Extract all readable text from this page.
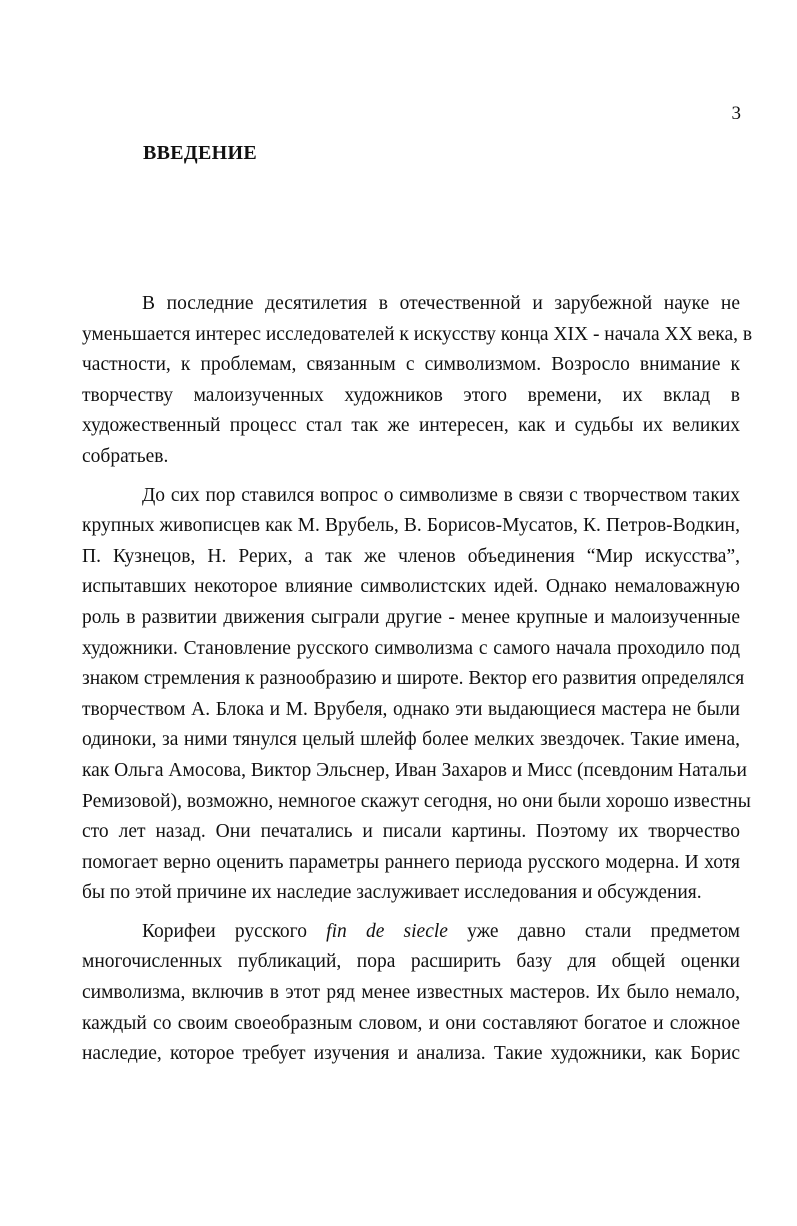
3
ВВЕДЕНИЕ
В последние десятилетия в отечественной и зарубежной науке не
уменьшается интерес исследователей к искусству конца XIX - начала XX века, в
частности, к проблемам, связанным с символизмом. Возросло внимание к
творчеству малоизученных художников этого времени, их вклад в
художественный процесс стал так же интересен, как и судьбы их великих
собратьев.
До сих пор ставился вопрос о символизме в связи с творчеством таких
крупных живописцев как М. Врубель, В. Борисов-Мусатов, К. Петров-Водкин,
П. Кузнецов, Н. Рерих, а так же членов объединения “Мир искусства”,
испытавших некоторое влияние символистских идей. Однако немаловажную
роль в развитии движения сыграли другие - менее крупные и малоизученные
художники. Становление русского символизма с самого начала проходило под
знаком стремления к разнообразию и широте. Вектор его развития определялся
творчеством А. Блока и М. Врубеля, однако эти выдающиеся мастера не были
одиноки, за ними тянулся целый шлейф более мелких звездочек. Такие имена,
как Ольга Амосова, Виктор Эльснер, Иван Захаров и Мисс (псевдоним Натальи
Ремизовой), возможно, немногое скажут сегодня, но они были хорошо известны
сто лет назад. Они печатались и писали картины. Поэтому их творчество
помогает верно оценить параметры раннего периода русского модерна. И хотя
бы по этой причине их наследие заслуживает исследования и обсуждения.
Корифеи русского fin de siecle уже давно стали предметом
многочисленных публикаций, пора расширить базу для общей оценки
символизма, включив в этот ряд менее известных мастеров. Их было немало,
каждый со своим своеобразным словом, и они составляют богатое и сложное
наследие, которое требует изучения и анализа. Такие художники, как Борис
